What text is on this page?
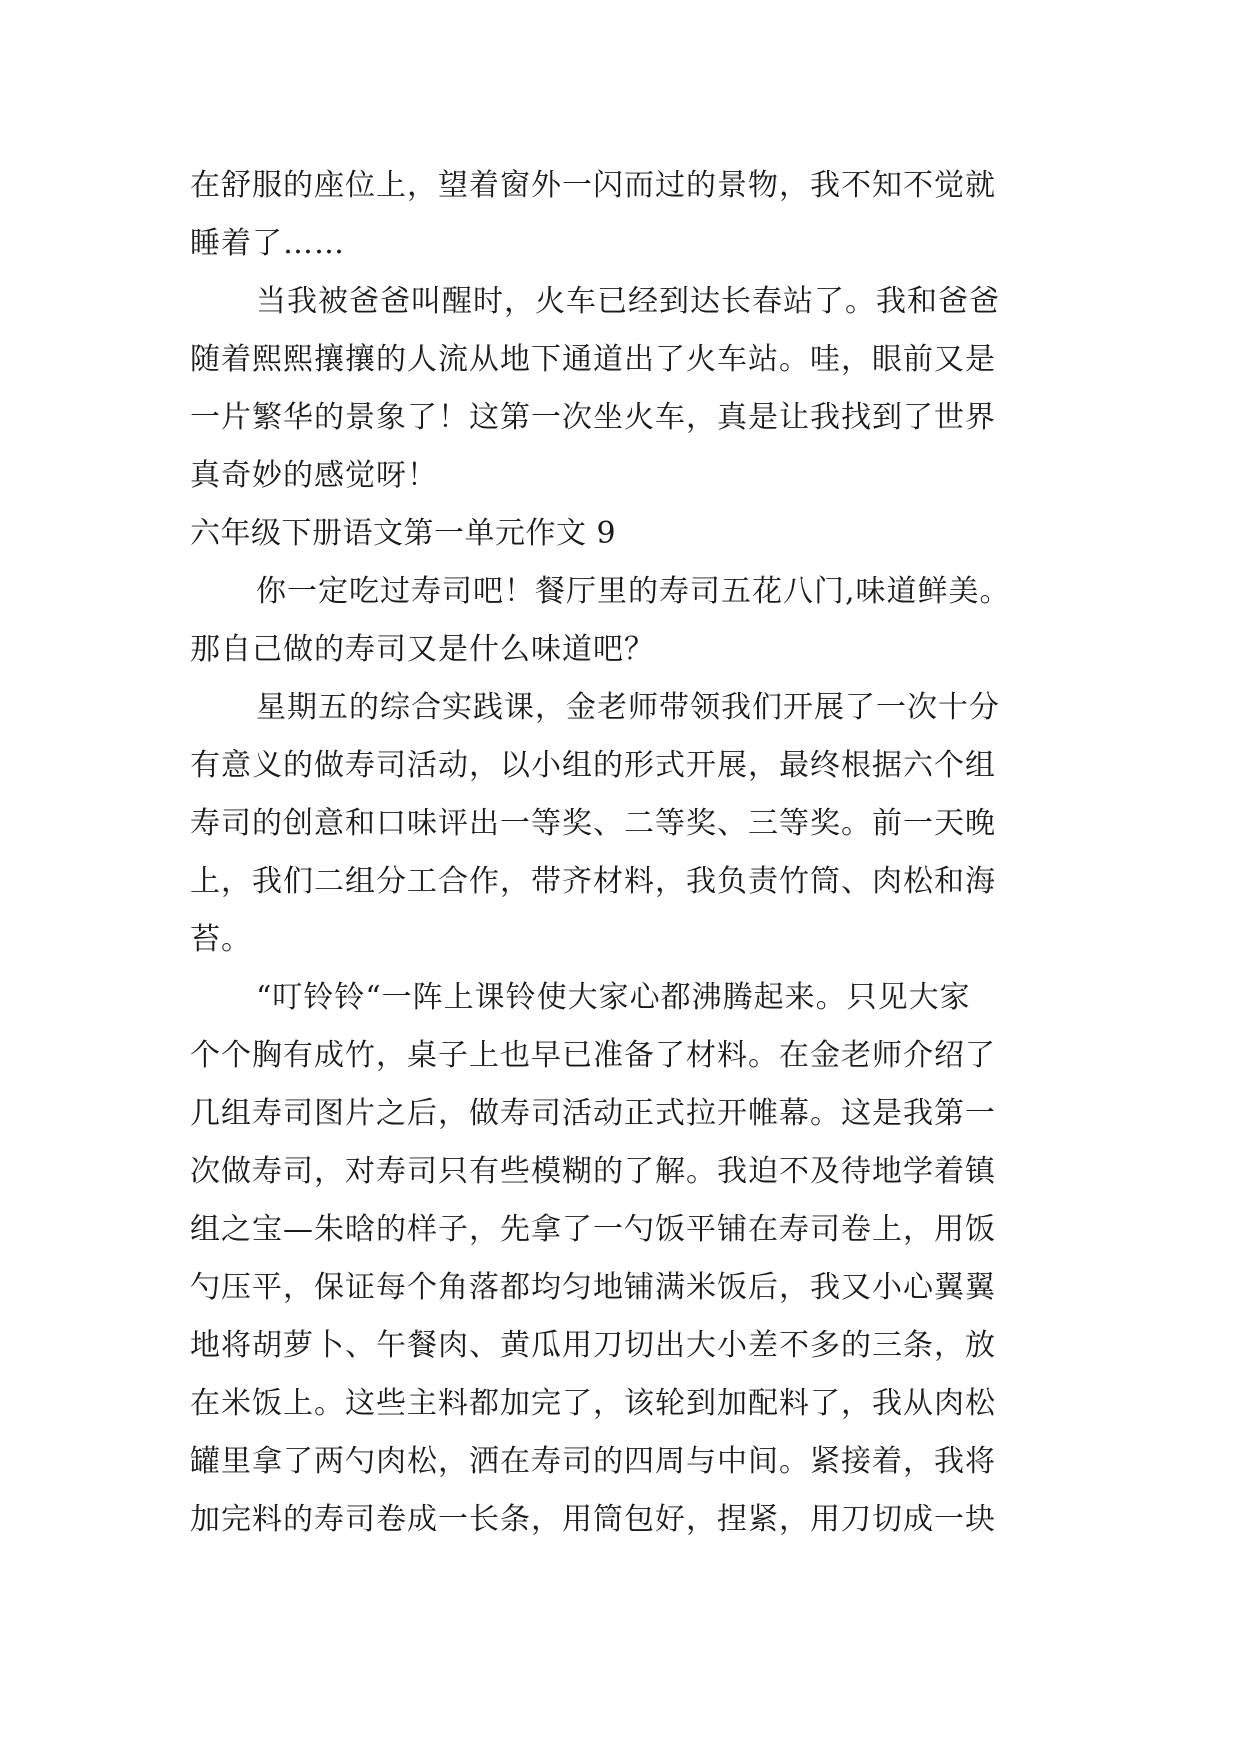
在舒服的座位上，望着窗外一闪而过的景物，我不知不觉就
睡着了……
当我被爸爸叫醒时，火车已经到达长春站了。我和爸爸
随着熙熙攘攘的人流从地下通道出了火车站。哇，眼前又是
一片繁华的景象了！这第一次坐火车，真是让我找到了世界
真奇妙的感觉呀！
六年级下册语文第一单元作文 9
你一定吃过寿司吧！餐厅里的寿司五花八门,味道鲜美。
那自己做的寿司又是什么味道吧？
星期五的综合实践课，金老师带领我们开展了一次十分
有意义的做寿司活动，以小组的形式开展，最终根据六个组
寿司的创意和口味评出一等奖、二等奖、三等奖。前一天晚
上，我们二组分工合作，带齐材料，我负责竹筒、肉松和海
苔。
“叮铃铃“一阵上课铃使大家心都沸腾起来。只见大家
个个胸有成竹，桌子上也早已准备了材料。在金老师介绍了
几组寿司图片之后，做寿司活动正式拉开帷幕。这是我第一
次做寿司，对寿司只有些模糊的了解。我迫不及待地学着镇
组之宝—朱晗的样子，先拿了一勺饭平铺在寿司卷上，用饭
勺压平，保证每个角落都均匀地铺满米饭后，我又小心翼翼
地将胡萝卜、午餐肉、黄瓜用刀切出大小差不多的三条，放
在米饭上。这些主料都加完了，该轮到加配料了，我从肉松
罐里拿了两勺肉松，洒在寿司的四周与中间。紧接着，我将
加完料的寿司卷成一长条，用筒包好，捏紧，用刀切成一块
